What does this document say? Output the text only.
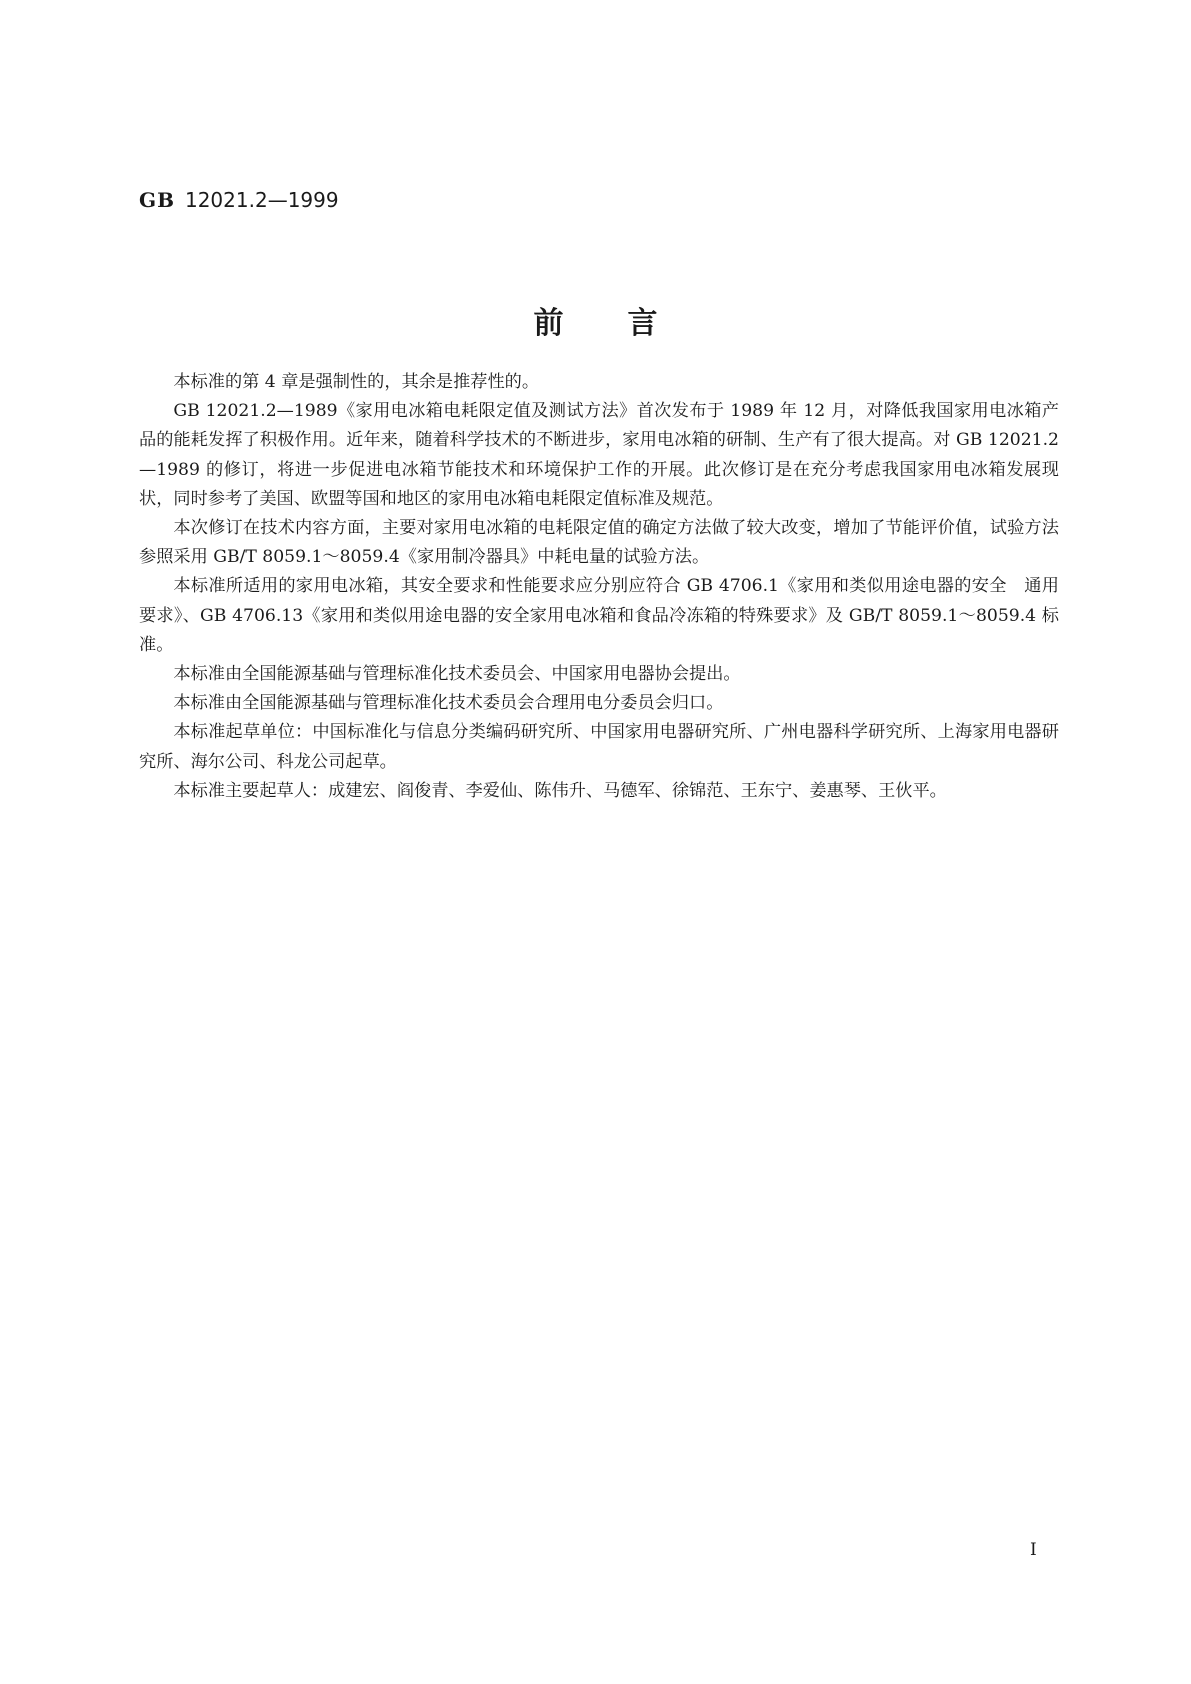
GB 12021.2—1999
前言

本标准的第 4 章是强制性的，其余是推荐性的。

GB 12021.2—1989《家用电冰箱电耗限定值及测试方法》首次发布于 1989 年 12 月，对降低我国家用电冰箱产品的能耗发挥了积极作用。近年来，随着科学技术的不断进步，家用电冰箱的研制、生产有了很大提高。对 GB 12021.2—1989 的修订，将进一步促进电冰箱节能技术和环境保护工作的开展。此次修订是在充分考虑我国家用电冰箱发展现状，同时参考了美国、欧盟等国和地区的家用电冰箱电耗限定值标准及规范。

本次修订在技术内容方面，主要对家用电冰箱的电耗限定值的确定方法做了较大改变，增加了节能评价值，试验方法参照采用 GB/T 8059.1～8059.4《家用制冷器具》中耗电量的试验方法。

本标准所适用的家用电冰箱，其安全要求和性能要求应分别应符合 GB 4706.1《家用和类似用途电器的安全　通用要求》、GB 4706.13《家用和类似用途电器的安全家用电冰箱和食品冷冻箱的特殊要求》及 GB/T 8059.1～8059.4 标准。

本标准由全国能源基础与管理标准化技术委员会、中国家用电器协会提出。

本标准由全国能源基础与管理标准化技术委员会合理用电分委员会归口。

本标准起草单位：中国标准化与信息分类编码研究所、中国家用电器研究所、广州电器科学研究所、上海家用电器研究所、海尔公司、科龙公司起草。

本标准主要起草人：成建宏、阎俊青、李爱仙、陈伟升、马德军、徐锦范、王东宁、姜惠琴、王伙平。

I
